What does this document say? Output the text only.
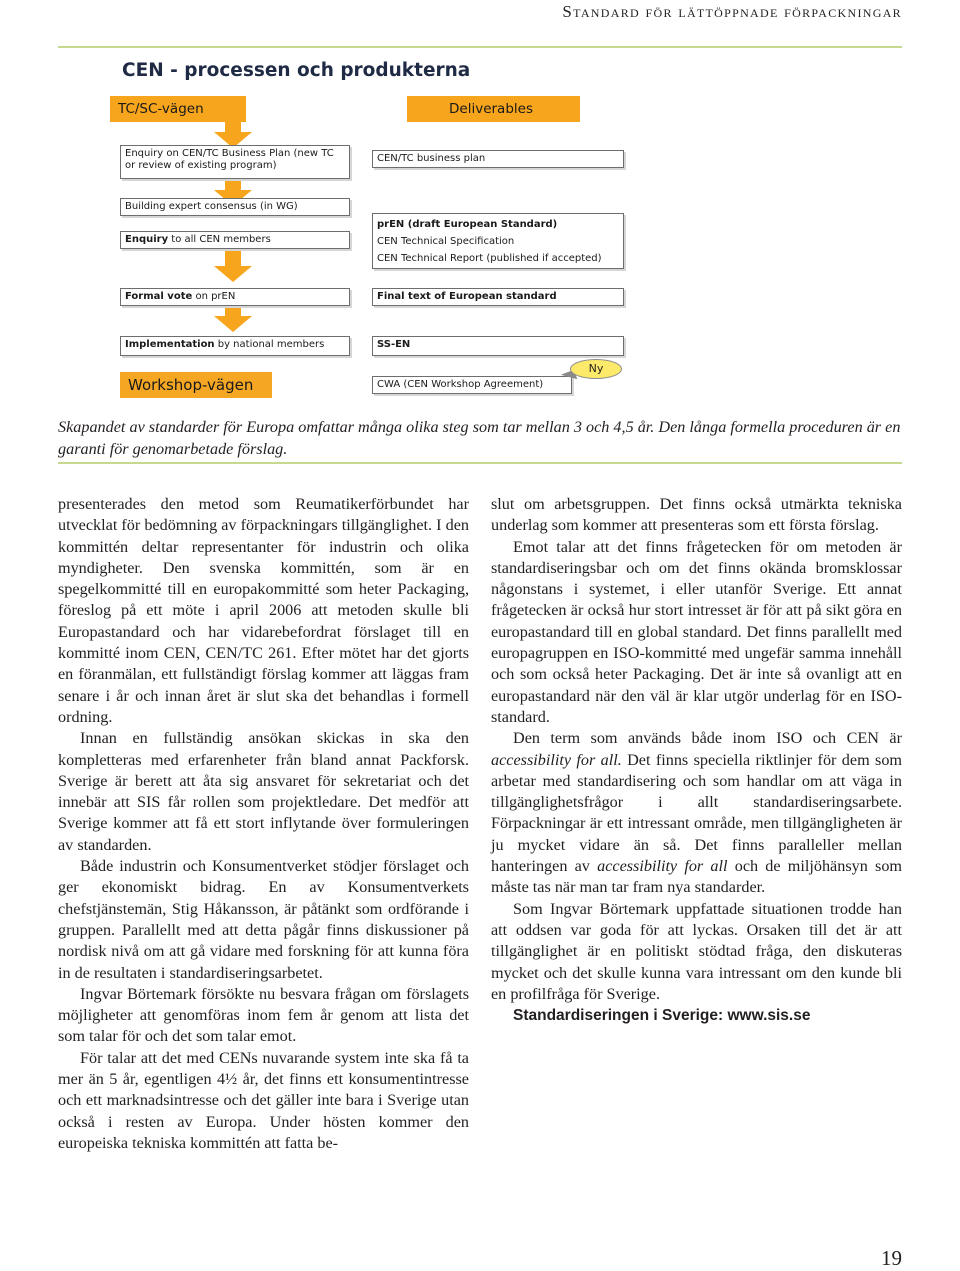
Standard för lättöppnade förpackningar
CEN - processen och produkterna
TC/SC-vägen	Deliverables
Enquiry on CEN/TC Business Plan (new TC or review of existing program)
Building expert consensus (in WG)
Enquiry to all CEN members
Formal vote on prEN
Implementation by national members
CEN/TC business plan
prEN (draft European Standard)
CEN Technical Specification
CEN Technical Report (published if accepted)
Final text of European standard
SS-EN
CWA (CEN Workshop Agreement)
Workshop-vägen
Ny
Skapandet av standarder för Europa omfattar många olika steg som tar mellan 3 och 4,5 år. Den långa formella proceduren är en garanti för genomarbetade förslag.

presenterades den metod som Reumatikerförbundet har utvecklat för bedömning av förpackningars tillgänglighet. I den kommittén deltar representanter för industrin och olika myndigheter. Den svenska kommittén, som är en spegelkommitté till en europakommitté som heter Packaging, föreslog på ett möte i april 2006 att metoden skulle bli Europastandard och har vidarebefordrat förslaget till en kommitté inom CEN, CEN/TC 261. Efter mötet har det gjorts en föranmälan, ett fullständigt förslag kommer att läggas fram senare i år och innan året är slut ska det behandlas i formell ordning.

Innan en fullständig ansökan skickas in ska den kompletteras med erfarenheter från bland annat Packforsk. Sverige är berett att åta sig ansvaret för sekretariat och det innebär att SIS får rollen som projektledare. Det medför att Sverige kommer att få ett stort inflytande över formuleringen av standarden.

Både industrin och Konsumentverket stödjer förslaget och ger ekonomiskt bidrag. En av Konsumentverkets chefstjänstemän, Stig Håkansson, är påtänkt som ordförande i gruppen. Parallellt med att detta pågår finns diskussioner på nordisk nivå om att gå vidare med forskning för att kunna föra in de resultaten i standardiseringsarbetet.

Ingvar Börtemark försökte nu besvara frågan om förslagets möjligheter att genomföras inom fem år genom att lista det som talar för och det som talar emot.

För talar att det med CENs nuvarande system inte ska få ta mer än 5 år, egentligen 4½ år, det finns ett konsumentintresse och ett marknadsintresse och det gäller inte bara i Sverige utan också i resten av Europa. Under hösten kommer den europeiska tekniska kommittén att fatta be-

slut om arbetsgruppen. Det finns också utmärkta tekniska underlag som kommer att presenteras som ett första förslag.

Emot talar att det finns frågetecken för om metoden är standardiseringsbar och om det finns okända bromsklossar någonstans i systemet, i eller utanför Sverige. Ett annat frågetecken är också hur stort intresset är för att på sikt göra en europastandard till en global standard. Det finns parallellt med europagruppen en ISO-kommitté med ungefär samma innehåll och som också heter Packaging. Det är inte så ovanligt att en europastandard när den väl är klar utgör underlag för en ISO-standard.

Den term som används både inom ISO och CEN är accessibility for all. Det finns speciella riktlinjer för dem som arbetar med standardisering och som handlar om att väga in tillgänglighetsfrågor i allt standardiseringsarbete. Förpackningar är ett intressant område, men tillgängligheten är ju mycket vidare än så. Det finns paralleller mellan hanteringen av accessibility for all och de miljöhänsyn som måste tas när man tar fram nya standarder.

Som Ingvar Börtemark uppfattade situationen trodde han att oddsen var goda för att lyckas. Orsaken till det är att tillgänglighet är en politiskt stödtad fråga, den diskuteras mycket och det skulle kunna vara intressant om den kunde bli en profilfråga för Sverige.

Standardiseringen i Sverige: www.sis.se

19
